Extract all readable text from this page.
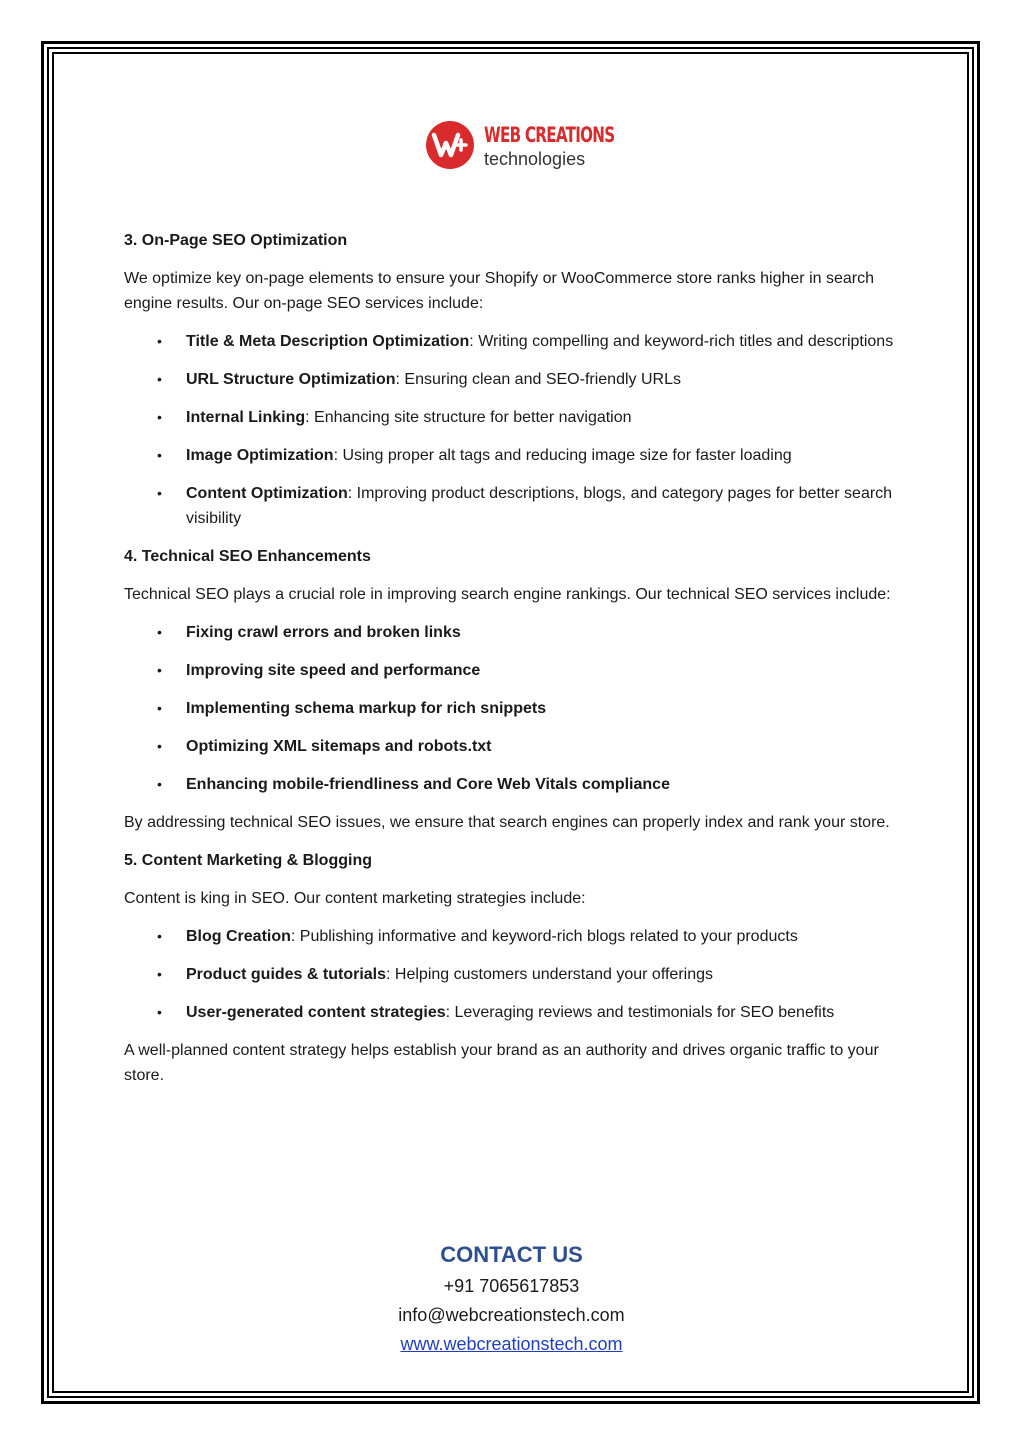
WEB CREATIONS
technologies
3. On-Page SEO Optimization

We optimize key on-page elements to ensure your Shopify or WooCommerce store ranks higher in search engine results. Our on-page SEO services include:

• Title & Meta Description Optimization: Writing compelling and keyword-rich titles and descriptions
• URL Structure Optimization: Ensuring clean and SEO-friendly URLs
• Internal Linking: Enhancing site structure for better navigation
• Image Optimization: Using proper alt tags and reducing image size for faster loading
• Content Optimization: Improving product descriptions, blogs, and category pages for better search visibility
4. Technical SEO Enhancements

Technical SEO plays a crucial role in improving search engine rankings. Our technical SEO services include:

• Fixing crawl errors and broken links
• Improving site speed and performance
• Implementing schema markup for rich snippets
• Optimizing XML sitemaps and robots.txt
• Enhancing mobile-friendliness and Core Web Vitals compliance

By addressing technical SEO issues, we ensure that search engines can properly index and rank your store.

5. Content Marketing & Blogging

Content is king in SEO. Our content marketing strategies include:

• Blog Creation: Publishing informative and keyword-rich blogs related to your products
• Product guides & tutorials: Helping customers understand your offerings
• User-generated content strategies: Leveraging reviews and testimonials for SEO benefits

A well-planned content strategy helps establish your brand as an authority and drives organic traffic to your store.

CONTACT US
+91 7065617853
info@webcreationstech.com
www.webcreationstech.com
